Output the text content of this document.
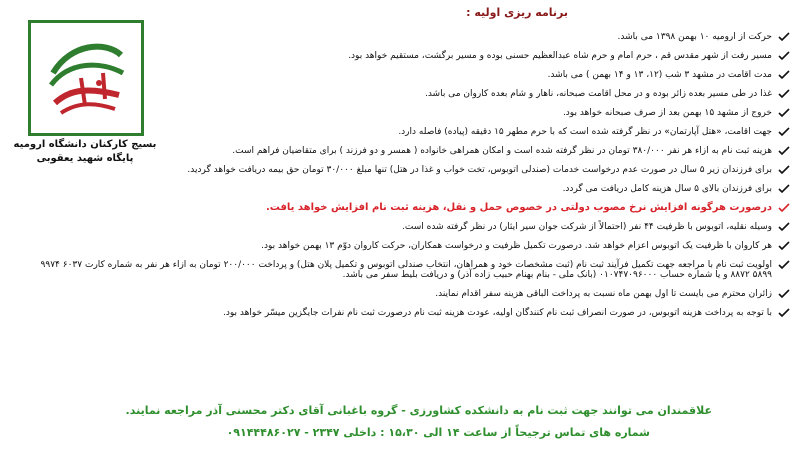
برنامه ریزی اولیه :
بسیج کارکنان دانشگاه ارومیه
پایگاه شهید یعقوبی
حرکت از ارومیه ۱۰ بهمن ۱۳۹۸ می باشد.
مسیر رفت از شهر مقدس قم ، حرم امام و حرم شاه عبدالعظیم حسنی بوده و مسیر برگشت، مستقیم خواهد بود.
مدت اقامت در مشهد ۳ شب (۱۲، ۱۳ و ۱۴ بهمن ) می باشد.
غذا در طی مسیر بعده زائر بوده و در محل اقامت صبحانه، ناهار و شام بعده کاروان می باشد.
خروج از مشهد ۱۵ بهمن بعد از صرف صبحانه خواهد بود.
جهت اقامت، «هتل آپارتمان» در نظر گرفته شده است که با حرم مطهر ۱۵ دقیقه (پیاده) فاصله دارد.
هزینه ثبت نام به ازاء هر نفر ۳۸۰/۰۰۰ تومان در نظر گرفته شده است و امکان همراهی خانواده ( همسر و دو فرزند ) برای متقاضیان فراهم است.
برای فرزندان زیر ۵ سال در صورت عدم درخواست خدمات (صندلی اتوبوس، تخت خواب و غذا در هتل) تنها مبلغ ۳۰/۰۰۰ تومان حق بیمه دریافت خواهد گردید.
برای فرزندان بالای ۵ سال هزینه کامل دریافت می گردد.
درصورت هرگونه افزایش نرخ مصوب دولتی در خصوص حمل و نقل، هزینه ثبت نام افزایش خواهد یافت.
وسیله نقلیه، اتوبوس با ظرفیت ۴۴ نفر (احتمالاً از شرکت جوان سیر ایثار) در نظر گرفته شده است.
هر کاروان با ظرفیت یک اتوبوس اعزام خواهد شد. درصورت تکمیل ظرفیت و درخواست همکاران، حرکت کاروان دوّم ۱۳ بهمن خواهد بود.
اولویت ثبت نام با مراجعه جهت تکمیل فرآیند ثبت نام (ثبت مشخصات خود و همراهان، انتخاب صندلی اتوبوس و تکمیل پلان هتل) و پرداخت ۲۰۰/۰۰۰ تومان به ازاء هر نفر به شماره کارت ۶۰۳۷ ۹۹۷۴ ۵۸۹۹ ۸۸۷۲ و یا شماره حساب ۰۱۰۷۴۷۰۹۶۰۰۰ (بانک ملی - بنام بهنام حبیب زاده آذر) و دریافت بلیط سفر می باشد.
زائران محترم می بایست تا اول بهمن ماه نسبت به پرداخت الباقی هزینه سفر اقدام نمایند.
با توجه به پرداخت هزینه اتوبوس، در صورت انصراف ثبت نام کنندگان اولیه، عودت هزینه ثبت نام درصورت ثبت نام نفرات جایگزین میسّر خواهد بود.
علاقمندان می توانند جهت ثبت نام به دانشکده کشاورزی - گروه باغبانی آقای دکتر محسنی آذر مراجعه نمایند.
شماره های تماس ترجیحاً از ساعت ۱۴ الی ۱۵،۳۰ : داخلی ۲۳۴۷ - ۰۹۱۴۴۴۸۶۰۲۷
